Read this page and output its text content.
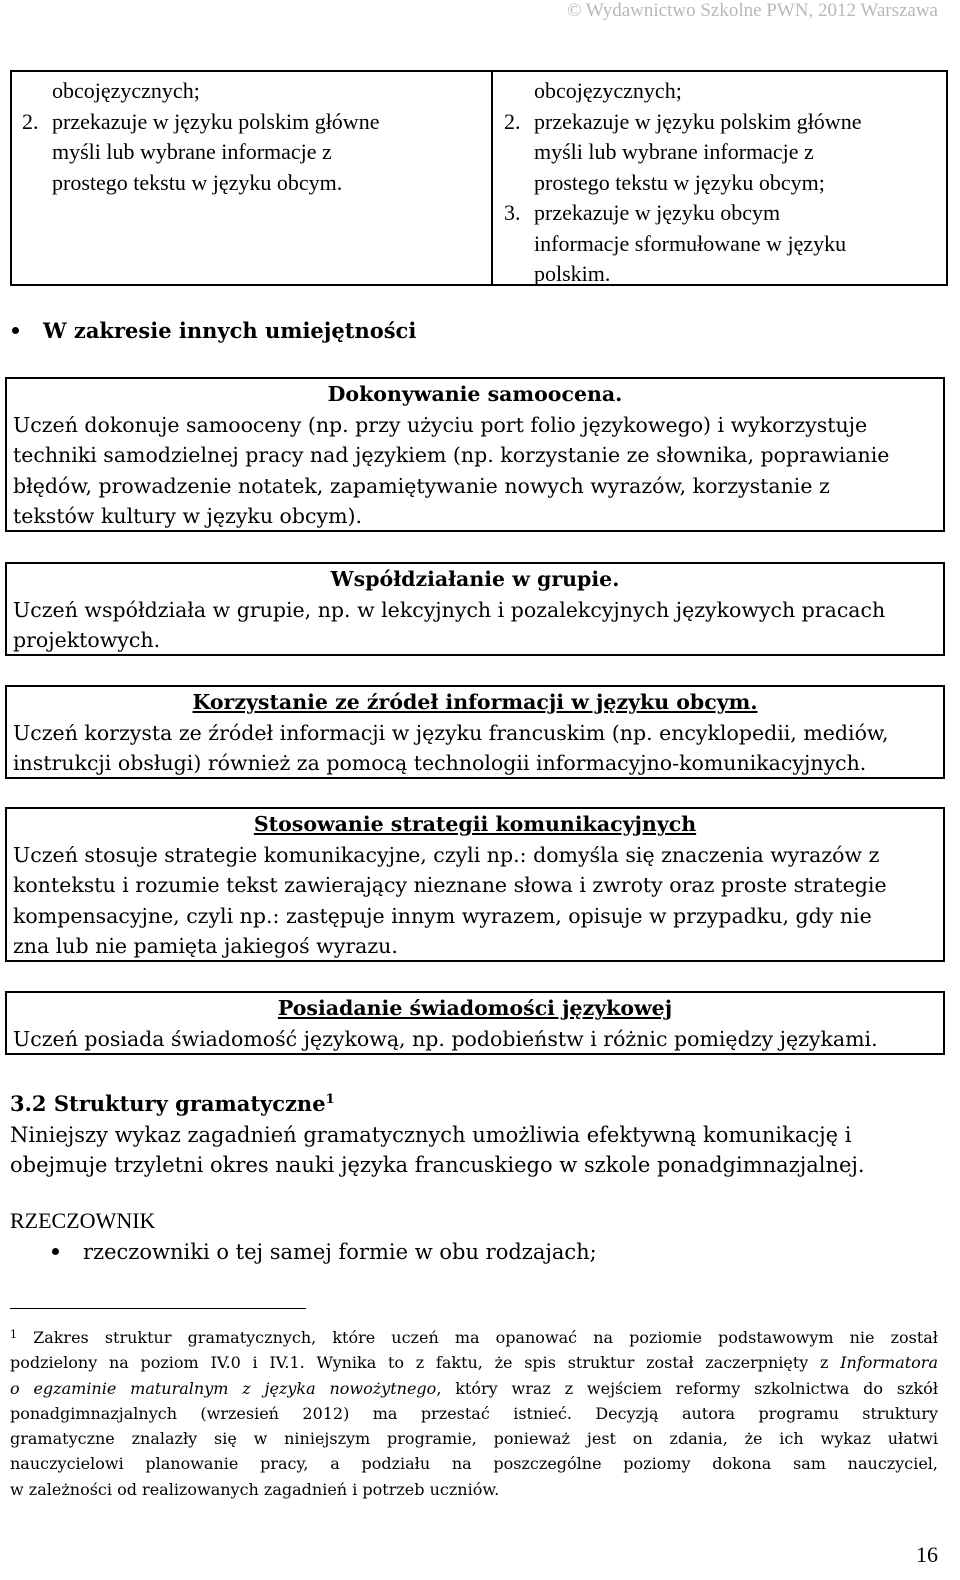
© Wydawnictwo Szkolne PWN, 2012 Warszawa
obcojęzycznych;
2. przekazuje w języku polskim główne
myśli lub wybrane informacje z
prostego tekstu w języku obcym.
obcojęzycznych;
2. przekazuje w języku polskim główne
myśli lub wybrane informacje z
prostego tekstu w języku obcym;
3. przekazuje w języku obcym
informacje sformułowane w języku
polskim.
W zakresie innych umiejętności
Dokonywanie samoocena.
Uczeń dokonuje samooceny (np. przy użyciu port folio językowego) i wykorzystuje
techniki samodzielnej pracy nad językiem (np. korzystanie ze słownika, poprawianie
błędów, prowadzenie notatek, zapamiętywanie nowych wyrazów, korzystanie z
tekstów kultury w języku obcym).
Współdziałanie w grupie.
Uczeń współdziała w grupie, np. w lekcyjnych i pozalekcyjnych językowych pracach
projektowych.
Korzystanie ze źródeł informacji w języku obcym.
Uczeń korzysta ze źródeł informacji w języku francuskim (np. encyklopedii, mediów,
instrukcji obsługi) również za pomocą technologii informacyjno-komunikacyjnych.
Stosowanie strategii komunikacyjnych
Uczeń stosuje strategie komunikacyjne, czyli np.: domyśla się znaczenia wyrazów z
kontekstu i rozumie tekst zawierający nieznane słowa i zwroty oraz proste strategie
kompensacyjne, czyli np.: zastępuje innym wyrazem, opisuje w przypadku, gdy nie
zna lub nie pamięta jakiegoś wyrazu.
Posiadanie świadomości językowej
Uczeń posiada świadomość językową, np. podobieństw i różnic pomiędzy językami.
3.2 Struktury gramatyczne$^1$
Niniejszy wykaz zagadnień gramatycznych umożliwia efektywną komunikację i
obejmuje trzyletni okres nauki języka francuskiego w szkole ponadgimnazjalnej.
RZECZOWNIK
rzeczowniki o tej samej formie w obu rodzajach;
$^1$ Zakres struktur gramatycznych, które uczeń ma opanować na poziomie podstawowym nie został
podzielony na poziom IV.0 i IV.1. Wynika to z faktu, że spis struktur został zaczerpnięty z Informatora
o egzaminie maturalnym z języka nowożytnego, który wraz z wejściem reformy szkolnictwa do szkół
ponadgimnazjalnych (wrzesień 2012) ma przestać istnieć. Decyzją autora programu struktury
gramatyczne znalazły się w niniejszym programie, ponieważ jest on zdania, że ich wykaz ułatwi
nauczycielowi planowanie pracy, a podziału na poszczególne poziomy dokona sam nauczyciel,
w zależności od realizowanych zagadnień i potrzeb uczniów.
16
